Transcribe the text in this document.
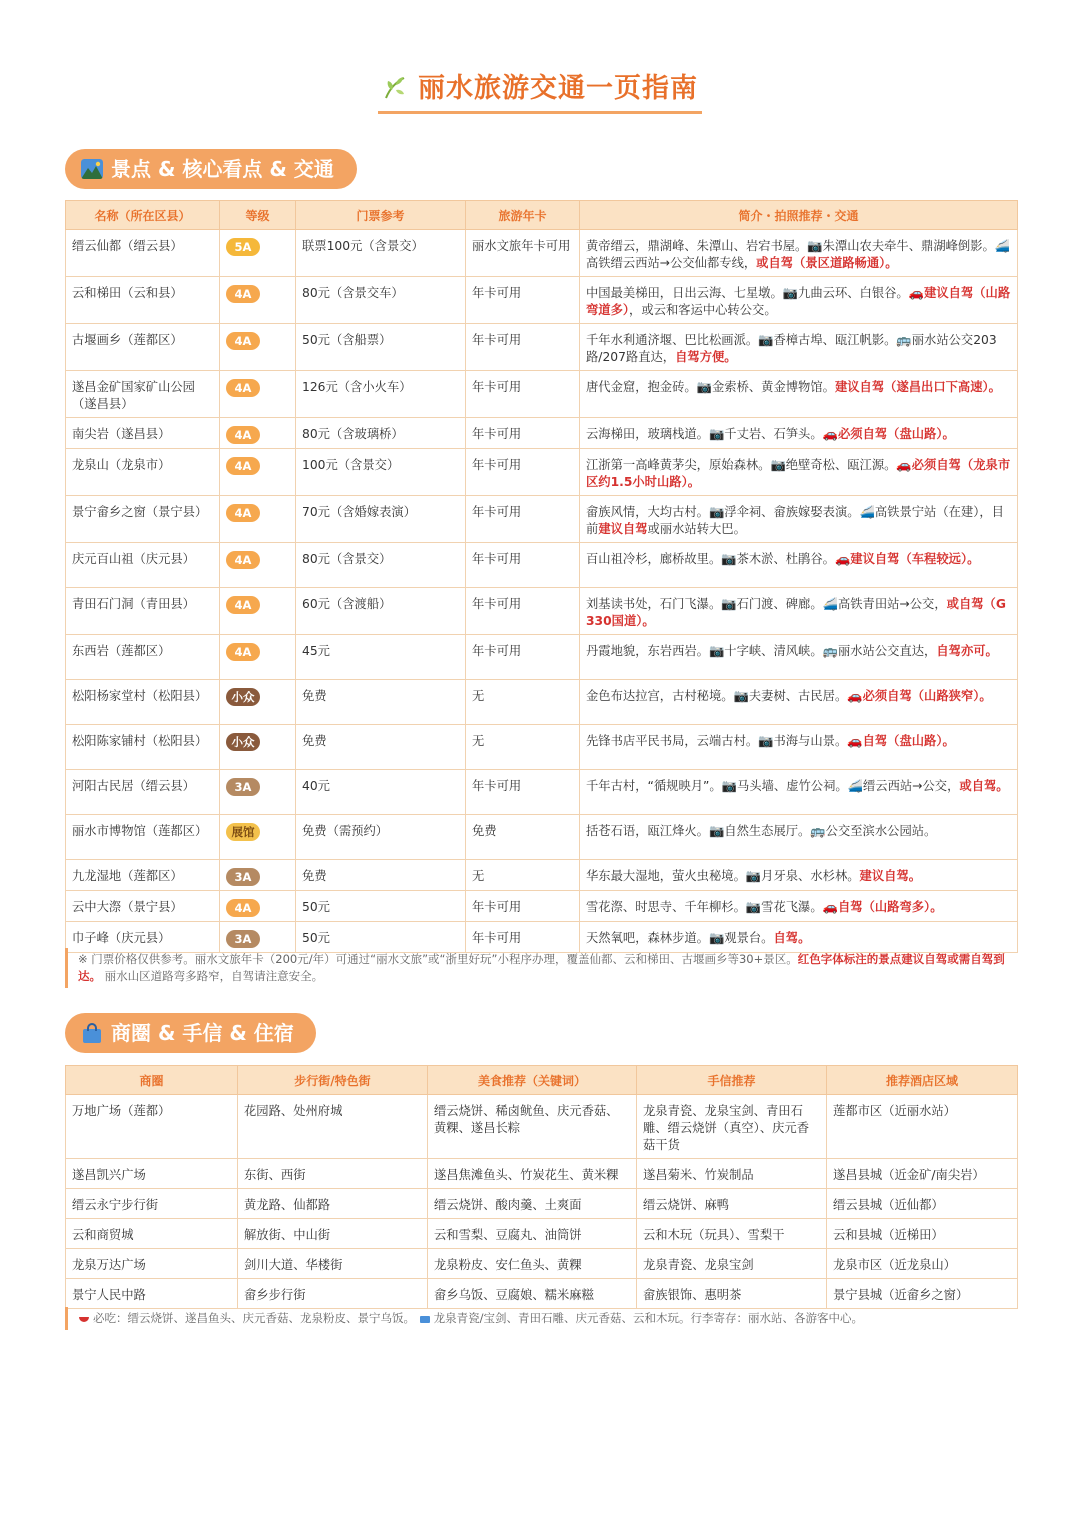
丽水旅游交通一页指南
景点 & 核心看点 & 交通
名称（所在区县）	等级	门票参考	旅游年卡	简介・拍照推荐・交通
缙云仙都（缙云县）	5A	联票100元（含景交）	丽水文旅年卡可用	黄帝缙云，鼎湖峰、朱潭山、岩宕书屋。📷朱潭山农夫牵牛、鼎湖峰倒影。🚄高铁缙云西站→公交仙都专线，或自驾（景区道路畅通）。
云和梯田（云和县）	4A	80元（含景交车）	年卡可用	中国最美梯田，日出云海、七星墩。📷九曲云环、白银谷。🚗建议自驾（山路弯道多），或云和客运中心转公交。
古堰画乡（莲都区）	4A	50元（含船票）	年卡可用	千年水利通济堰、巴比松画派。📷香樟古埠、瓯江帆影。🚌丽水站公交203路/207路直达，自驾方便。
遂昌金矿国家矿山公园（遂昌县）	4A	126元（含小火车）	年卡可用	唐代金窟，抱金砖。📷金索桥、黄金博物馆。建议自驾（遂昌出口下高速）。
南尖岩（遂昌县）	4A	80元（含玻璃桥）	年卡可用	云海梯田，玻璃栈道。📷千丈岩、石笋头。🚗必须自驾（盘山路）。
龙泉山（龙泉市）	4A	100元（含景交）	年卡可用	江浙第一高峰黄茅尖，原始森林。📷绝壁奇松、瓯江源。🚗必须自驾（龙泉市区约1.5小时山路）。
景宁畲乡之窗（景宁县）	4A	70元（含婚嫁表演）	年卡可用	畲族风情，大均古村。📷浮伞祠、畲族嫁娶表演。🚄高铁景宁站（在建），目前建议自驾或丽水站转大巴。
庆元百山祖（庆元县）	4A	80元（含景交）	年卡可用	百山祖冷杉，廊桥故里。📷茶木淤、杜鹃谷。🚗建议自驾（车程较远）。
青田石门洞（青田县）	4A	60元（含渡船）	年卡可用	刘基读书处，石门飞瀑。📷石门渡、碑廊。🚄高铁青田站→公交，或自驾（G330国道）。
东西岩（莲都区）	4A	45元	年卡可用	丹霞地貌，东岩西岩。📷十字峡、清风峡。🚌丽水站公交直达，自驾亦可。
松阳杨家堂村（松阳县）	小众	免费	无	金色布达拉宫，古村秘境。📷夫妻树、古民居。🚗必须自驾（山路狭窄）。
松阳陈家铺村（松阳县）	小众	免费	无	先锋书店平民书局，云端古村。📷书海与山景。🚗自驾（盘山路）。
河阳古民居（缙云县）	3A	40元	年卡可用	千年古村，“循规映月”。📷马头墙、虚竹公祠。🚄缙云西站→公交，或自驾。
丽水市博物馆（莲都区）	展馆	免费（需预约）	免费	括苍石语，瓯江烽火。📷自然生态展厅。🚌公交至滨水公园站。
九龙湿地（莲都区）	3A	免费	无	华东最大湿地，萤火虫秘境。📷月牙泉、水杉林。建议自驾。
云中大漈（景宁县）	4A	50元	年卡可用	雪花漈、时思寺、千年柳杉。📷雪花飞瀑。🚗自驾（山路弯多）。
巾子峰（庆元县）	3A	50元	年卡可用	天然氧吧，森林步道。📷观景台。自驾。
※ 门票价格仅供参考。丽水文旅年卡（200元/年）可通过“丽水文旅”或“浙里好玩”小程序办理，覆盖仙都、云和梯田、古堰画乡等30+景区。红色字体标注的景点建议自驾或需自驾到达。 丽水山区道路弯多路窄，自驾请注意安全。
商圈 & 手信 & 住宿
商圈	步行街/特色街	美食推荐（关键词）	手信推荐	推荐酒店区域
万地广场（莲都）	花园路、处州府城	缙云烧饼、稀卤鱿鱼、庆元香菇、黄粿、遂昌长粽	龙泉青瓷、龙泉宝剑、青田石雕、缙云烧饼（真空）、庆元香菇干货	莲都市区（近丽水站）
遂昌凯兴广场	东街、西街	遂昌焦滩鱼头、竹炭花生、黄米粿	遂昌菊米、竹炭制品	遂昌县城（近金矿/南尖岩）
缙云永宁步行街	黄龙路、仙都路	缙云烧饼、酸肉羹、土爽面	缙云烧饼、麻鸭	缙云县城（近仙都）
云和商贸城	解放街、中山街	云和雪梨、豆腐丸、油筒饼	云和木玩（玩具）、雪梨干	云和县城（近梯田）
龙泉万达广场	剑川大道、华楼街	龙泉粉皮、安仁鱼头、黄粿	龙泉青瓷、龙泉宝剑	龙泉市区（近龙泉山）
景宁人民中路	畲乡步行街	畲乡乌饭、豆腐娘、糯米麻糍	畲族银饰、惠明茶	景宁县城（近畲乡之窗）
必吃：缙云烧饼、遂昌鱼头、庆元香菇、龙泉粉皮、景宁乌饭。 龙泉青瓷/宝剑、青田石雕、庆元香菇、云和木玩。行李寄存：丽水站、各游客中心。
